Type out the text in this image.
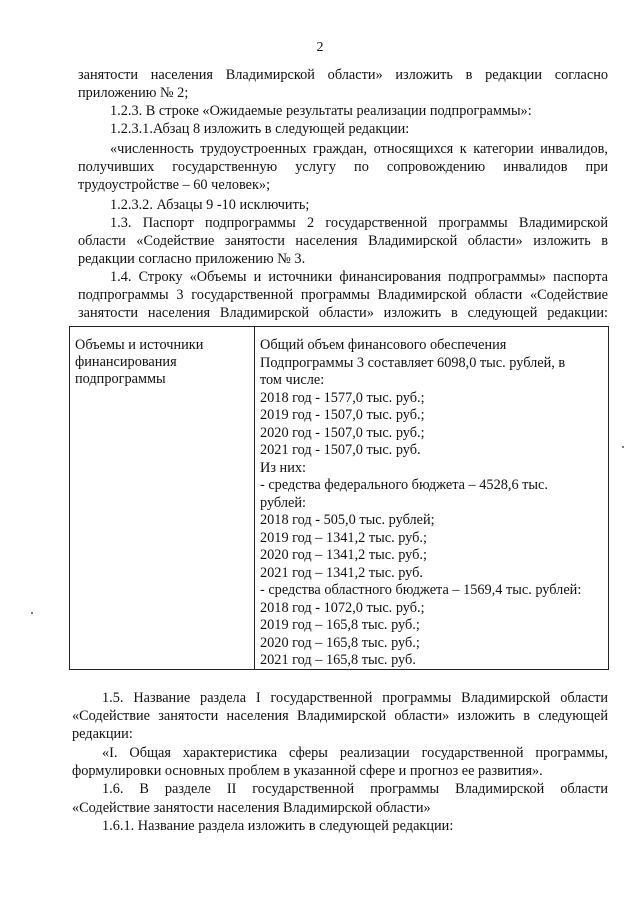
2
занятости населения Владимирской области» изложить в редакции согласно
приложению № 2;
1.2.3. В строке «Ожидаемые результаты реализации подпрограммы»:
1.2.3.1.Абзац 8 изложить в следующей редакции:
«численность трудоустроенных граждан, относящихся к категории инвалидов,
получивших государственную услугу по сопровождению инвалидов при
трудоустройстве – 60 человек»;
1.2.3.2. Абзацы 9 -10 исключить;
1.3. Паспорт подпрограммы 2 государственной программы Владимирской
области «Содействие занятости населения Владимирской области» изложить в
редакции согласно приложению № 3.
1.4. Строку «Объемы и источники финансирования подпрограммы» паспорта
подпрограммы 3 государственной программы Владимирской области «Содействие
занятости населения Владимирской области» изложить в следующей редакции:
Объемы и источники
финансирования
подпрограммы
Общий объем финансового обеспечения
Подпрограммы 3 составляет 6098,0 тыс. рублей, в
том числе:
2018 год - 1577,0 тыс. руб.;
2019 год - 1507,0 тыс. руб.;
2020 год - 1507,0 тыс. руб.;
2021 год - 1507,0 тыс. руб.
Из них:
- средства федерального бюджета – 4528,6 тыс.
рублей:
2018 год - 505,0 тыс. рублей;
2019 год – 1341,2 тыс. руб.;
2020 год – 1341,2 тыс. руб.;
2021 год – 1341,2 тыс. руб.
- средства областного бюджета – 1569,4 тыс. рублей:
2018 год - 1072,0 тыс. руб.;
2019 год – 165,8 тыс. руб.;
2020 год – 165,8 тыс. руб.;
2021 год – 165,8 тыс. руб.
1.5. Название раздела I государственной программы Владимирской области
«Содействие занятости населения Владимирской области» изложить в следующей
редакции:
«I. Общая характеристика сферы реализации государственной программы,
формулировки основных проблем в указанной сфере и прогноз ее развития».
1.6. В разделе II государственной программы Владимирской области
«Содействие занятости населения Владимирской области»
1.6.1. Название раздела изложить в следующей редакции:
